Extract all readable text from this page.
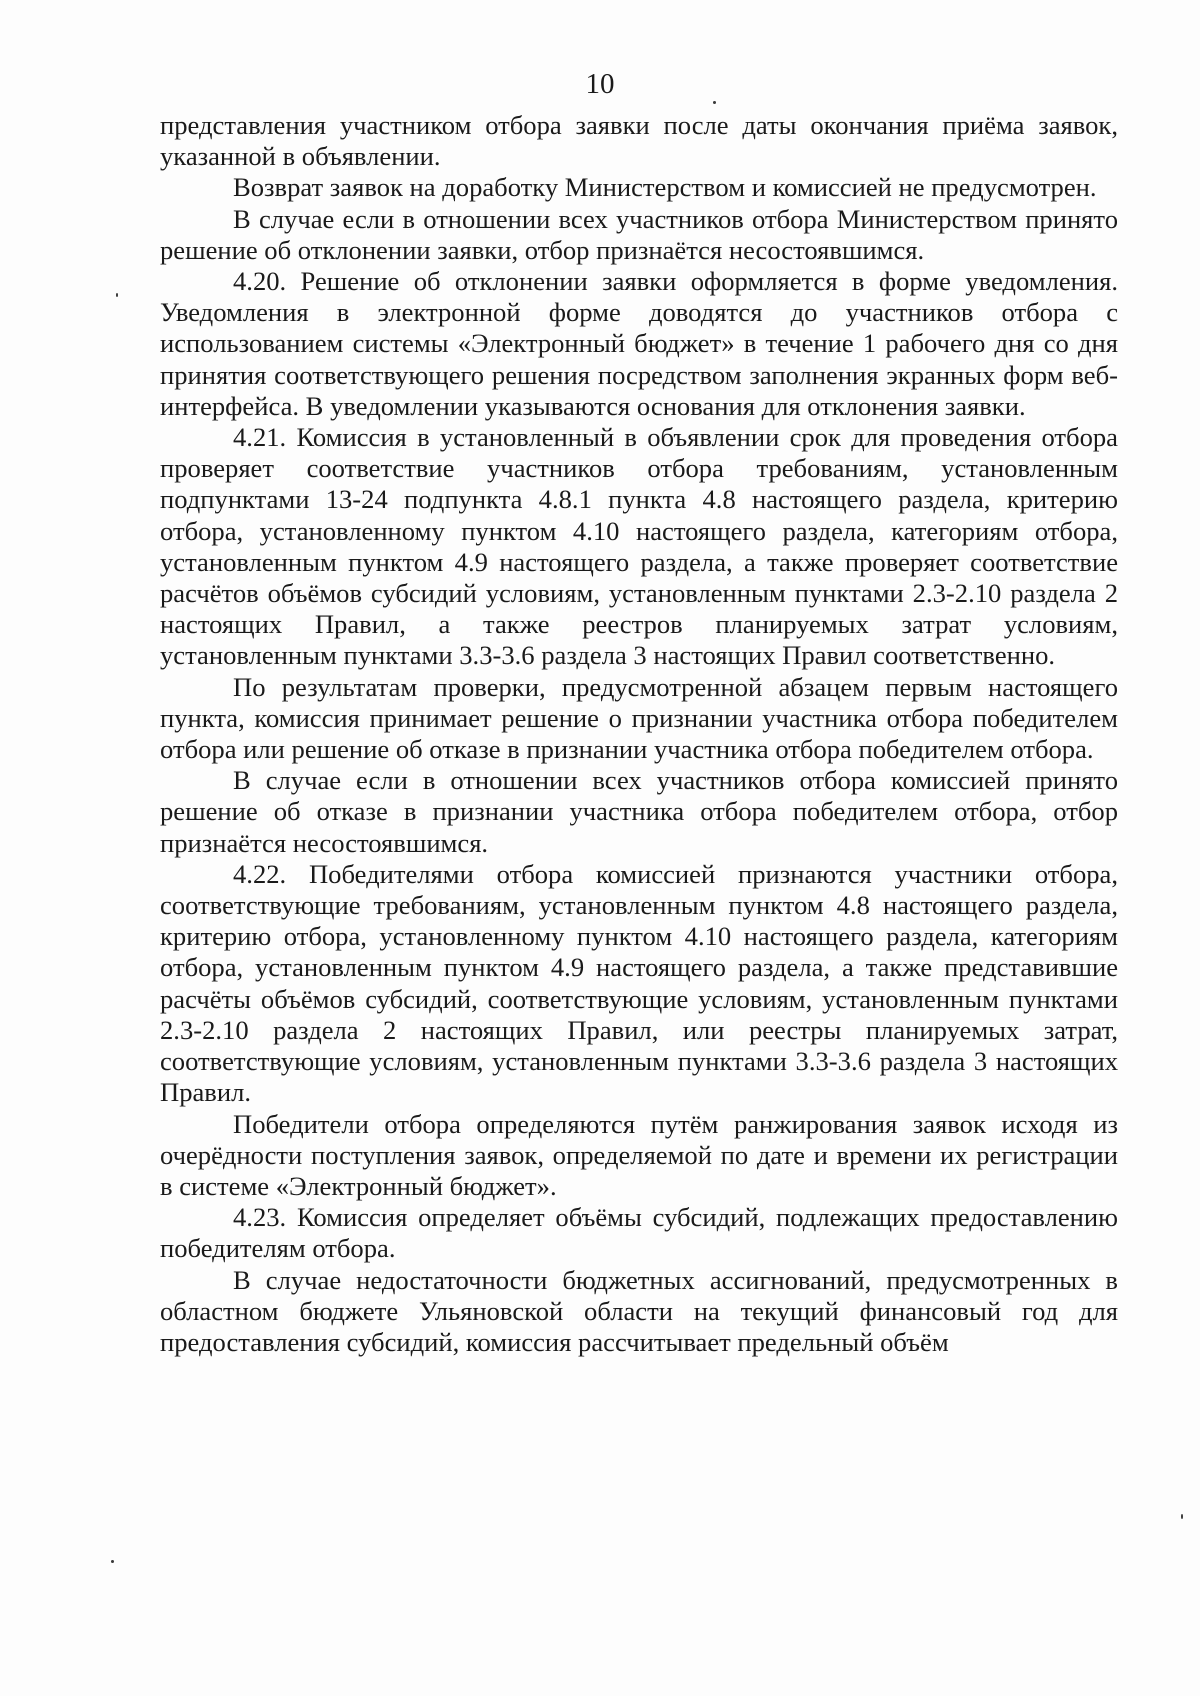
10

представления участником отбора заявки после даты окончания приёма заявок, указанной в объявлении.

Возврат заявок на доработку Министерством и комиссией не предусмотрен.

В случае если в отношении всех участников отбора Министерством принято решение об отклонении заявки, отбор признаётся несостоявшимся.

4.20. Решение об отклонении заявки оформляется в форме уведомления. Уведомления в электронной форме доводятся до участников отбора с использованием системы «Электронный бюджет» в течение 1 рабочего дня со дня принятия соответствующего решения посредством заполнения экранных форм веб-интерфейса. В уведомлении указываются основания для отклонения заявки.

4.21. Комиссия в установленный в объявлении срок для проведения отбора проверяет соответствие участников отбора требованиям, установленным подпунктами 13-24 подпункта 4.8.1 пункта 4.8 настоящего раздела, критерию отбора, установленному пунктом 4.10 настоящего раздела, категориям отбора, установленным пунктом 4.9 настоящего раздела, а также проверяет соответствие расчётов объёмов субсидий условиям, установленным пунктами 2.3-2.10 раздела 2 настоящих Правил, а также реестров планируемых затрат условиям, установленным пунктами 3.3-3.6 раздела 3 настоящих Правил соответственно.

По результатам проверки, предусмотренной абзацем первым настоящего пункта, комиссия принимает решение о признании участника отбора победителем отбора или решение об отказе в признании участника отбора победителем отбора.

В случае если в отношении всех участников отбора комиссией принято решение об отказе в признании участника отбора победителем отбора, отбор признаётся несостоявшимся.

4.22. Победителями отбора комиссией признаются участники отбора, соответствующие требованиям, установленным пунктом 4.8 настоящего раздела, критерию отбора, установленному пунктом 4.10 настоящего раздела, категориям отбора, установленным пунктом 4.9 настоящего раздела, а также представившие расчёты объёмов субсидий, соответствующие условиям, установленным пунктами 2.3-2.10 раздела 2 настоящих Правил, или реестры планируемых затрат, соответствующие условиям, установленным пунктами 3.3-3.6 раздела 3 настоящих Правил.

Победители отбора определяются путём ранжирования заявок исходя из очерёдности поступления заявок, определяемой по дате и времени их регистрации в системе «Электронный бюджет».

4.23. Комиссия определяет объёмы субсидий, подлежащих предоставлению победителям отбора.

В случае недостаточности бюджетных ассигнований, предусмотренных в областном бюджете Ульяновской области на текущий финансовый год для предоставления субсидий, комиссия рассчитывает предельный объём
